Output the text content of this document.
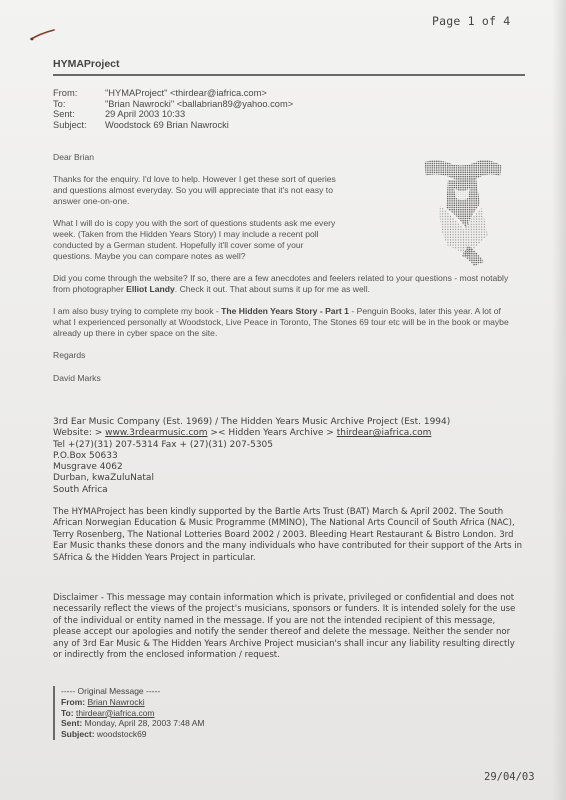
Page 1 of 4
HYMAProject
From:	"HYMAProject" <thirdear@iafrica.com>
To:	"Brian Nawrocki" <ballabrian89@yahoo.com>
Sent:	29 April 2003 10:33
Subject:	Woodstock 69 Brian Nawrocki

Dear Brian

Thanks for the enquiry. I'd love to help. However I get these sort of queries and questions almost everyday. So you will appreciate that it's not easy to answer one-on-one.

What I will do is copy you with the sort of questions students ask me every week. (Taken from the Hidden Years Story) I may include a recent poll conducted by a German student. Hopefully it'll cover some of your questions. Maybe you can compare notes as well?

Did you come through the website? If so, there are a few anecdotes and feelers related to your questions - most notably from photographer Elliot Landy. Check it out. That about sums it up for me as well.

I am also busy trying to complete my book - The Hidden Years Story - Part 1 - Penguin Books, later this year. A lot of what I experienced personally at Woodstock, Live Peace in Toronto, The Stones 69 tour etc will be in the book or maybe already up there in cyber space on the site.

Regards

David Marks

3rd Ear Music Company (Est. 1969) / The Hidden Years Music Archive Project (Est. 1994)
Website: > www.3rdearmusic.com >< Hidden Years Archive > thirdear@iafrica.com
Tel +(27)(31) 207-5314 Fax + (27)(31) 207-5305
P.O.Box 50633
Musgrave 4062
Durban, kwaZuluNatal
South Africa
The HYMAProject has been kindly supported by the Bartle Arts Trust (BAT) March & April 2002. The South African Norwegian Education & Music Programme (MMINO), The National Arts Council of South Africa (NAC), Terry Rosenberg, The National Lotteries Board 2002 / 2003. Bleeding Heart Restaurant & Bistro London. 3rd Ear Music thanks these donors and the many individuals who have contributed for their support of the Arts in SAfrica & the Hidden Years Project in particular.
Disclaimer - This message may contain information which is private, privileged or confidential and does not necessarily reflect the views of the project's musicians, sponsors or funders. It is intended solely for the use of the individual or entity named in the message. If you are not the intended recipient of this message, please accept our apologies and notify the sender thereof and delete the message. Neither the sender nor any of 3rd Ear Music & The Hidden Years Archive Project musician's shall incur any liability resulting directly or indirectly from the enclosed information / request.
----- Original Message -----
From: Brian Nawrocki
To: thirdear@iafrica.com
Sent: Monday, April 28, 2003 7:48 AM
Subject: woodstock69
29/04/03
